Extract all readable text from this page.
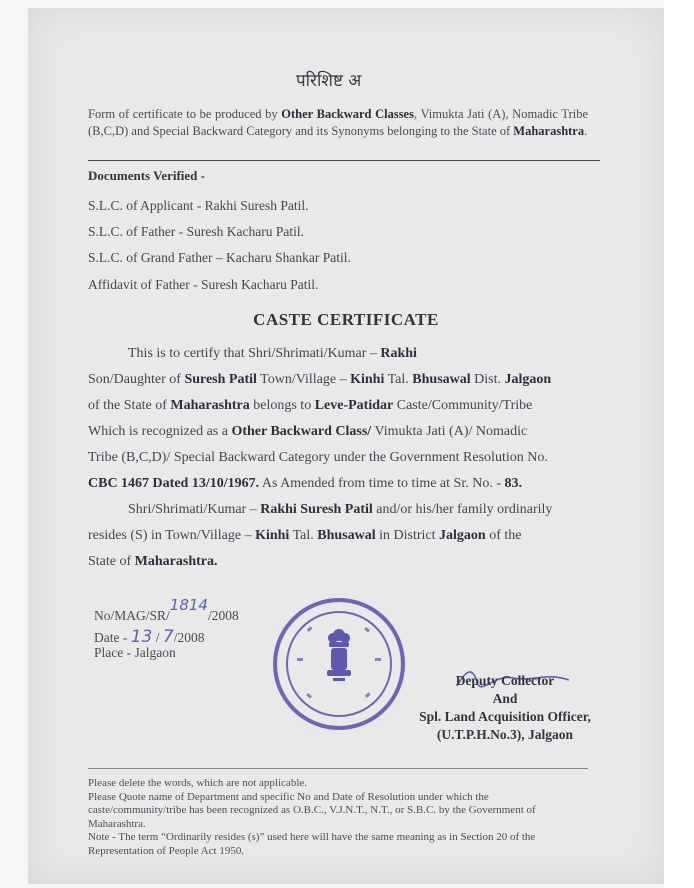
परिशिष्ट अ
Form of certificate to be produced by Other Backward Classes, Vimukta Jati (A), Nomadic Tribe (B,C,D) and Special Backward Category and its Synonyms belonging to the State of Maharashtra.
Documents Verified -
S.L.C. of Applicant - Rakhi Suresh Patil.
S.L.C. of Father - Suresh Kacharu Patil.
S.L.C. of Grand Father – Kacharu Shankar Patil.
Affidavit of Father - Suresh Kacharu Patil.
CASTE CERTIFICATE
This is to certify that Shri/Shrimati/Kumar – Rakhi
Son/Daughter of Suresh Patil Town/Village – Kinhi Tal. Bhusawal Dist. Jalgaon
of the State of Maharashtra belongs to Leve-Patidar Caste/Community/Tribe
Which is recognized as a Other Backward Class/ Vimukta Jati (A)/ Nomadic
Tribe (B,C,D)/ Special Backward Category under the Government Resolution No.
CBC 1467 Dated 13/10/1967. As Amended from time to time at Sr. No. - 83.
Shri/Shrimati/Kumar – Rakhi Suresh Patil and/or his/her family ordinarily
resides (S) in Town/Village – Kinhi Tal. Bhusawal in District Jalgaon of the
State of Maharashtra.
No/MAG/SR/1814/2008
Date - 13 / 7/2008
Place - Jalgaon
Deputy Collector
And
Spl. Land Acquisition Officer,
(U.T.P.H.No.3), Jalgaon
Please delete the words, which are not applicable.
Please Quote name of Department and specific No and Date of Resolution under which the caste/community/tribe has been recognized as O.B.C., V.J.N.T., N.T., or S.B.C. by the Government of Maharashtra.
Note - The term “Ordinarily resides (s)” used here will have the same meaning as in Section 20 of the Representation of People Act 1950.
